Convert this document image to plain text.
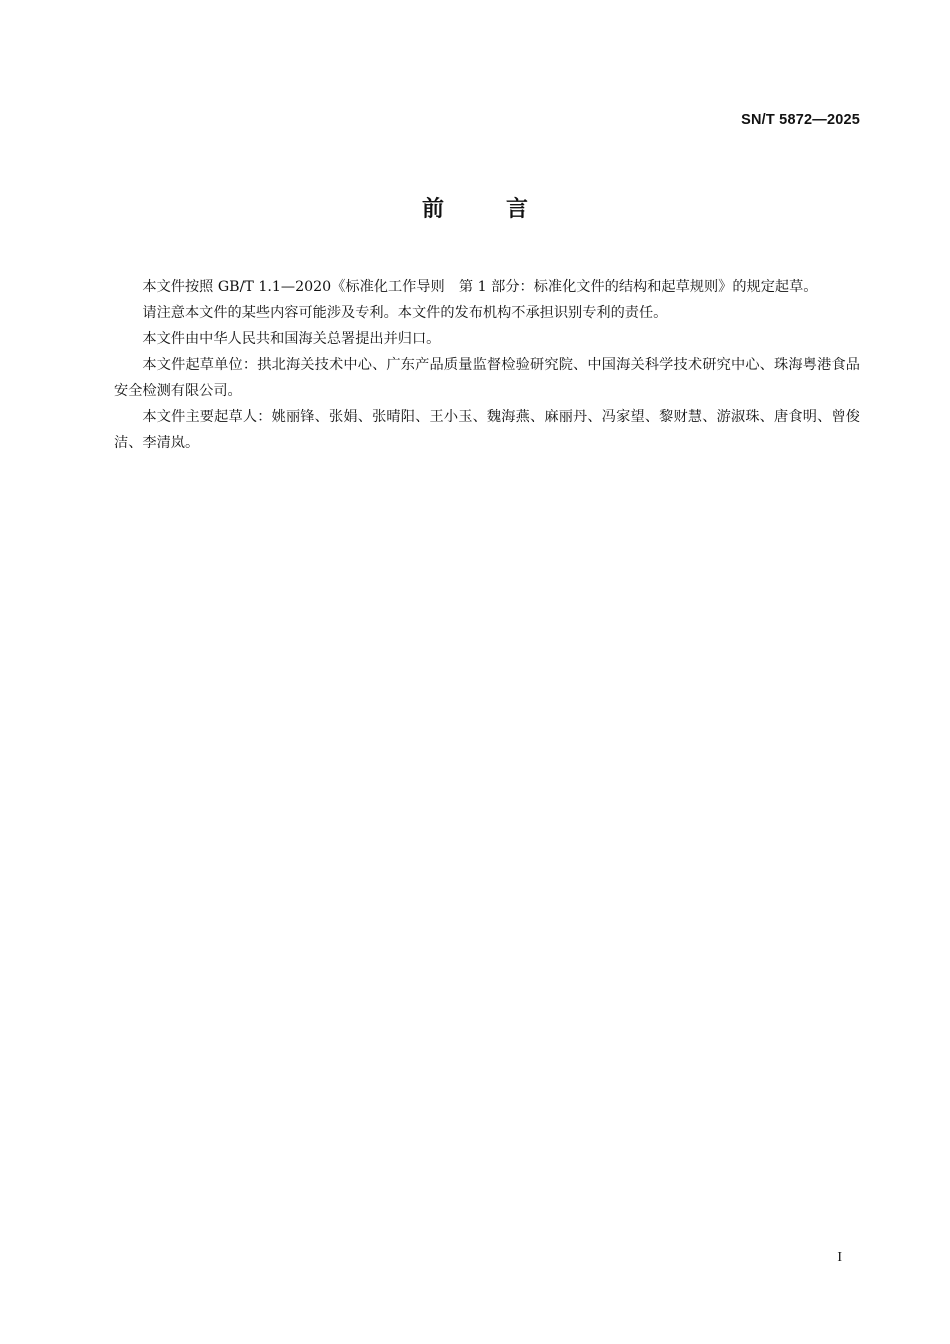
SN/T 5872—2025
前言

本文件按照 GB/T 1.1—2020《标准化工作导则　第 1 部分：标准化文件的结构和起草规则》的规定起草。

请注意本文件的某些内容可能涉及专利。本文件的发布机构不承担识别专利的责任。

本文件由中华人民共和国海关总署提出并归口。

本文件起草单位：拱北海关技术中心、广东产品质量监督检验研究院、中国海关科学技术研究中心、珠海粤港食品安全检测有限公司。

本文件主要起草人：姚丽锋、张娟、张晴阳、王小玉、魏海燕、麻丽丹、冯家望、黎财慧、游淑珠、唐食明、曾俊洁、李清岚。

I
